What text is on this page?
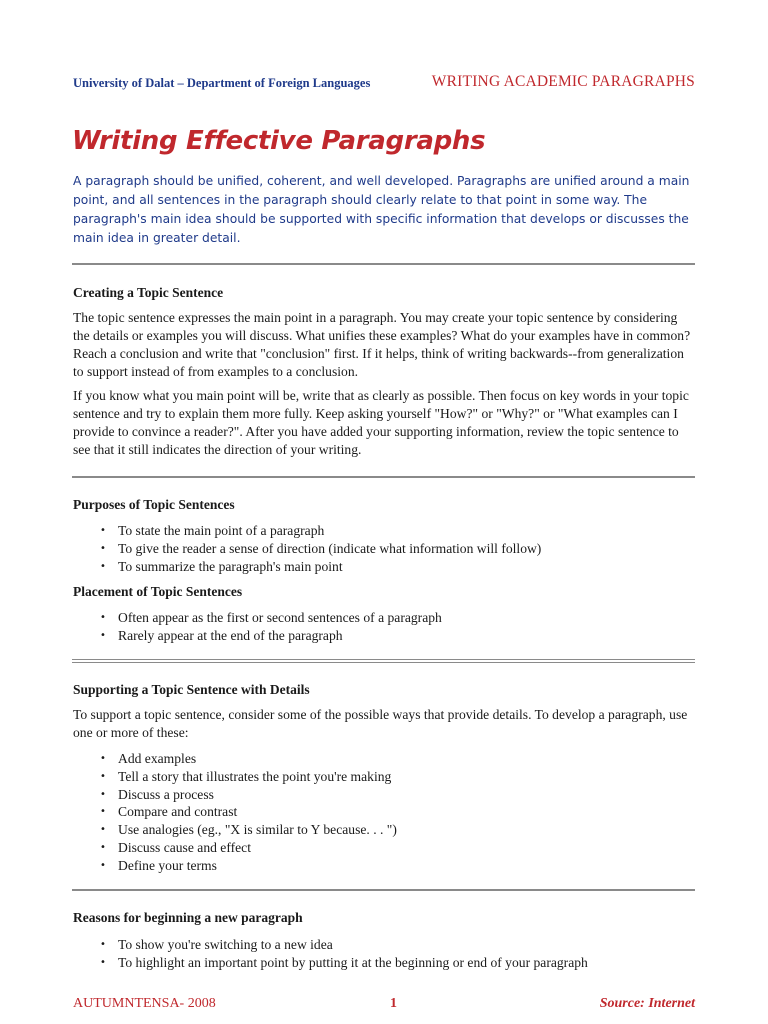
University of Dalat – Department of Foreign Languages	WRITING ACADEMIC PARAGRAPHS
Writing Effective Paragraphs

A paragraph should be unified, coherent, and well developed. Paragraphs are unified around a main point, and all sentences in the paragraph should clearly relate to that point in some way. The paragraph's main idea should be supported with specific information that develops or discusses the main idea in greater detail.

Creating a Topic Sentence

The topic sentence expresses the main point in a paragraph. You may create your topic sentence by considering the details or examples you will discuss. What unifies these examples? What do your examples have in common? Reach a conclusion and write that "conclusion" first. If it helps, think of writing backwards--from generalization to support instead of from examples to a conclusion.

If you know what you main point will be, write that as clearly as possible. Then focus on key words in your topic sentence and try to explain them more fully. Keep asking yourself "How?" or "Why?" or "What examples can I provide to convince a reader?". After you have added your supporting information, review the topic sentence to see that it still indicates the direction of your writing.

Purposes of Topic Sentences
• To state the main point of a paragraph
• To give the reader a sense of direction (indicate what information will follow)
• To summarize the paragraph's main point
Placement of Topic Sentences
• Often appear as the first or second sentences of a paragraph
• Rarely appear at the end of the paragraph
Supporting a Topic Sentence with Details

To support a topic sentence, consider some of the possible ways that provide details. To develop a paragraph, use one or more of these:

• Add examples
• Tell a story that illustrates the point you're making
• Discuss a process
• Compare and contrast
• Use analogies (eg., "X is similar to Y because. . . ")
• Discuss cause and effect
• Define your terms
Reasons for beginning a new paragraph
• To show you're switching to a new idea
• To highlight an important point by putting it at the beginning or end of your paragraph
AUTUMNTENSA- 2008	1	Source: Internet
